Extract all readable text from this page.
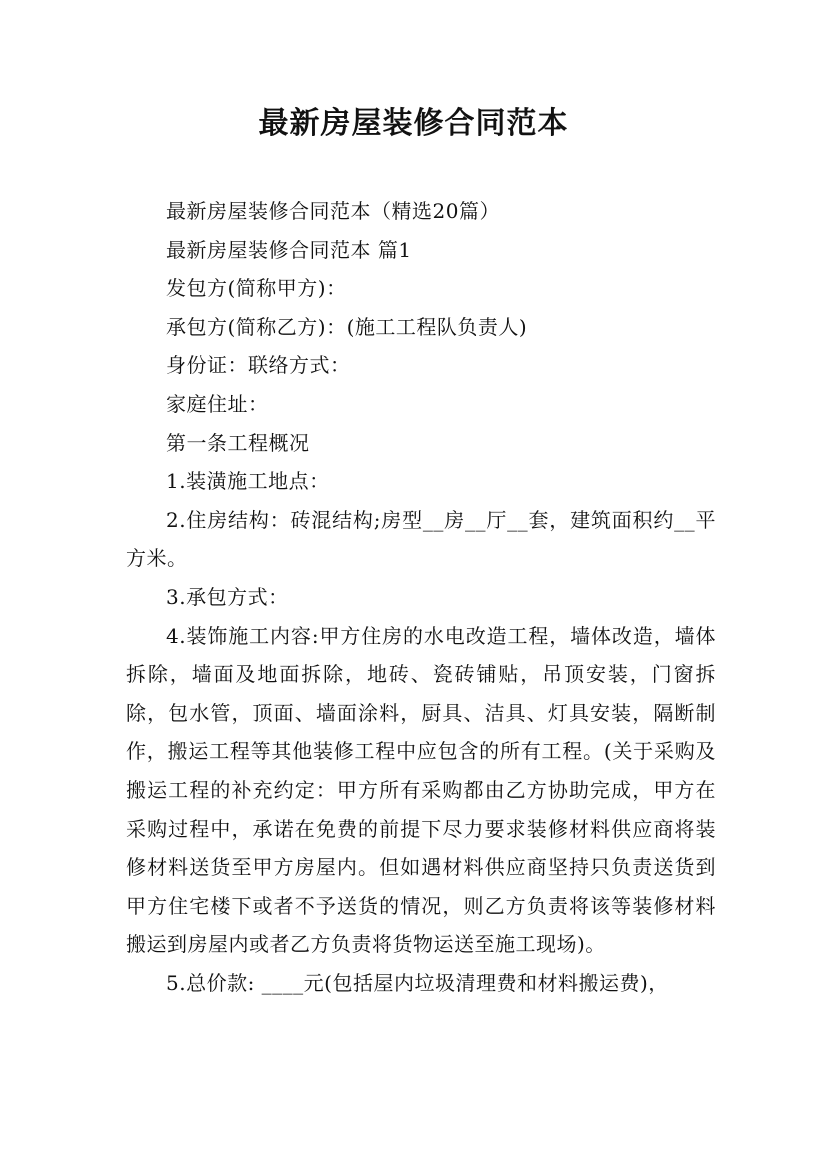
最新房屋装修合同范本

最新房屋装修合同范本（精选20篇）

最新房屋装修合同范本 篇1

发包方(简称甲方)：

承包方(简称乙方)：(施工工程队负责人)

身份证：联络方式：

家庭住址：

第一条工程概况

1.装潢施工地点：

2.住房结构：砖混结构;房型__房__厅__套，建筑面积约__平方米。

3.承包方式：

4.装饰施工内容:甲方住房的水电改造工程，墙体改造，墙体拆除，墙面及地面拆除，地砖、瓷砖铺贴，吊顶安装，门窗拆除，包水管，顶面、墙面涂料，厨具、洁具、灯具安装，隔断制作，搬运工程等其他装修工程中应包含的所有工程。(关于采购及搬运工程的补充约定：甲方所有采购都由乙方协助完成，甲方在采购过程中，承诺在免费的前提下尽力要求装修材料供应商将装修材料送货至甲方房屋内。但如遇材料供应商坚持只负责送货到甲方住宅楼下或者不予送货的情况，则乙方负责将该等装修材料搬运到房屋内或者乙方负责将货物运送至施工现场)。

5.总价款: ____元(包括屋内垃圾清理费和材料搬运费)，
